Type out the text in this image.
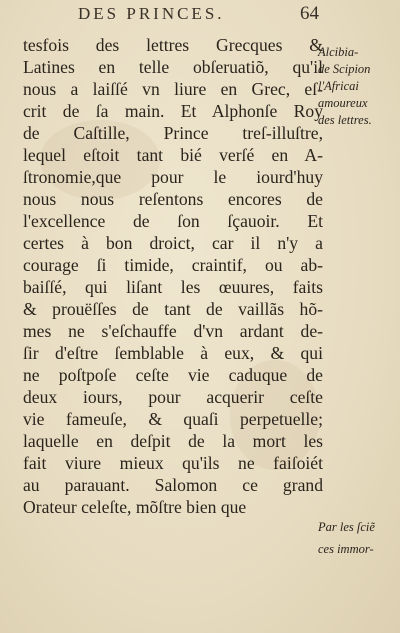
DES PRINCES.	64
tesfois des lettres Grecques &
Latines en telle obſeruatiõ, qu'il
nous a laiſſé vn liure en Grec, eſ-
crit de ſa main. Et Alphonſe Roy
de Caſtille, Prince treſ-illuſtre,
lequel eſtoit tant bié verſé en A-
ſtronomie,que pour le iourd'huy
nous nous reſentons encores de
l'excellence de ſon ſçauoir. Et
certes à bon droict, car il n'y a
courage ſi timide, craintif, ou ab-
baiſſé, qui liſant les œuures, faits
& prouëſſes de tant de vaillãs hõ-
mes ne s'eſchauffe d'vn ardant de-
ſir d'eſtre ſemblable à eux, & qui
ne poſtpoſe ceſte vie caduque de
deux iours, pour acquerir ceſte
vie fameuſe, & quaſi perpetuelle;
laquelle en deſpit de la mort les
fait viure mieux qu'ils ne faiſoiét
au parauant. Salomon ce grand
Orateur celeſte, mõſtre bien que
Alcibia-
de Scipion
l'Africai
amoureux
des lettres.
Par les ſciẽ
ces immor-
